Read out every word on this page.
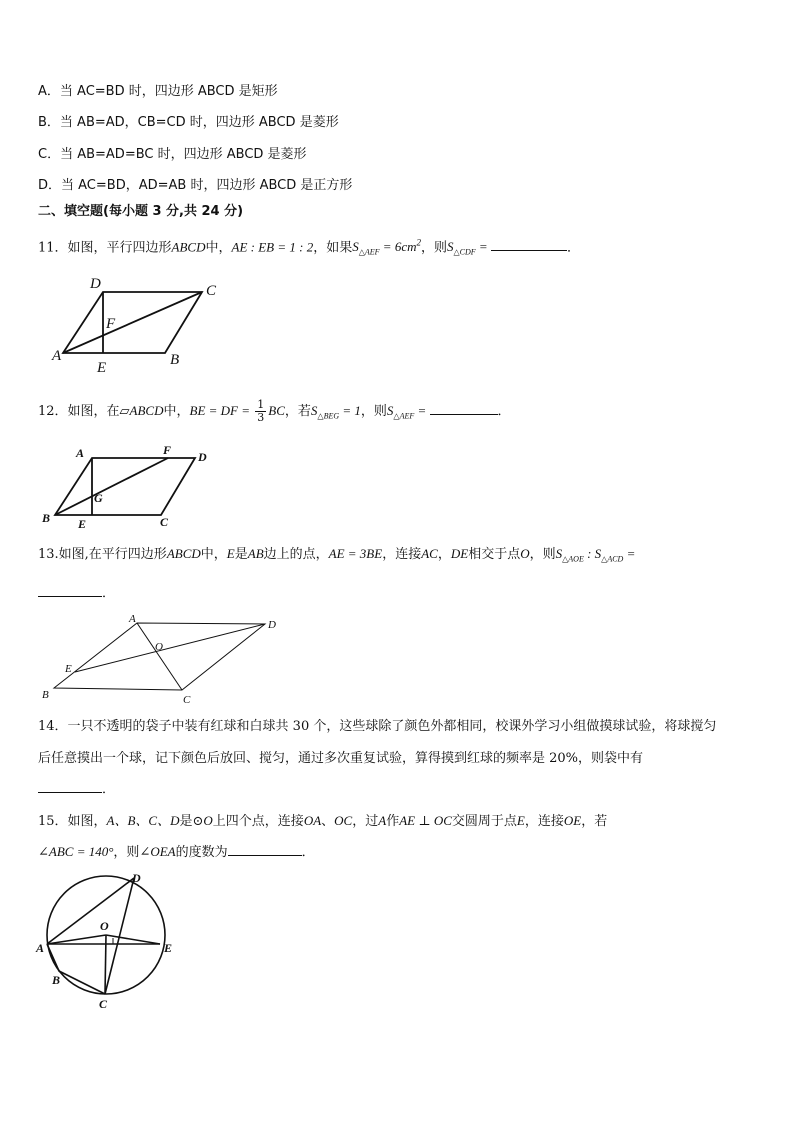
A．当 AC=BD 时，四边形 ABCD 是矩形
B．当 AB=AD，CB=CD 时，四边形 ABCD 是菱形
C．当 AB=AD=BC 时，四边形 ABCD 是菱形
D．当 AC=BD，AD=AB 时，四边形 ABCD 是正方形
二、填空题(每小题 3 分,共 24 分)
11．如图，平行四边形ABCD中，AE : EB = 1 : 2，如果$S_{\triangle AEF} = 6cm^2$，则$S_{\triangle CDF}$ =	．
D	C
F
A
E	B
12．如图，在▱ABCD中，BE = DF = $\frac{1}{3}$ BC，若$S_{\triangle BEG} = 1$，则$S_{\triangle AEF}$ =	．
A	F D
G
B E	C
13.如图,在平行四边形ABCD中，E是AB边上的点，AE = 3BE，连接AC，DE相交于点O，则$S_{\triangle AOE}$ : $S_{\triangle ACD}$ =
．
A	D
O
E
B	C
14．一只不透明的袋子中装有红球和白球共 30 个，这些球除了颜色外都相同，校课外学习小组做摸球试验，将球搅匀
后任意摸出一个球，记下颜色后放回、搅匀，通过多次重复试验，算得摸到红球的频率是 20%，则袋中有
．
15．如图，A、B、C、D是⊙O上四个点，连接OA、OC，过A作AE ⊥ OC交圆周于点E，连接OE，若
∠ABC = 140°，则∠OEA的度数为	．
D
O
A	E
B
C
